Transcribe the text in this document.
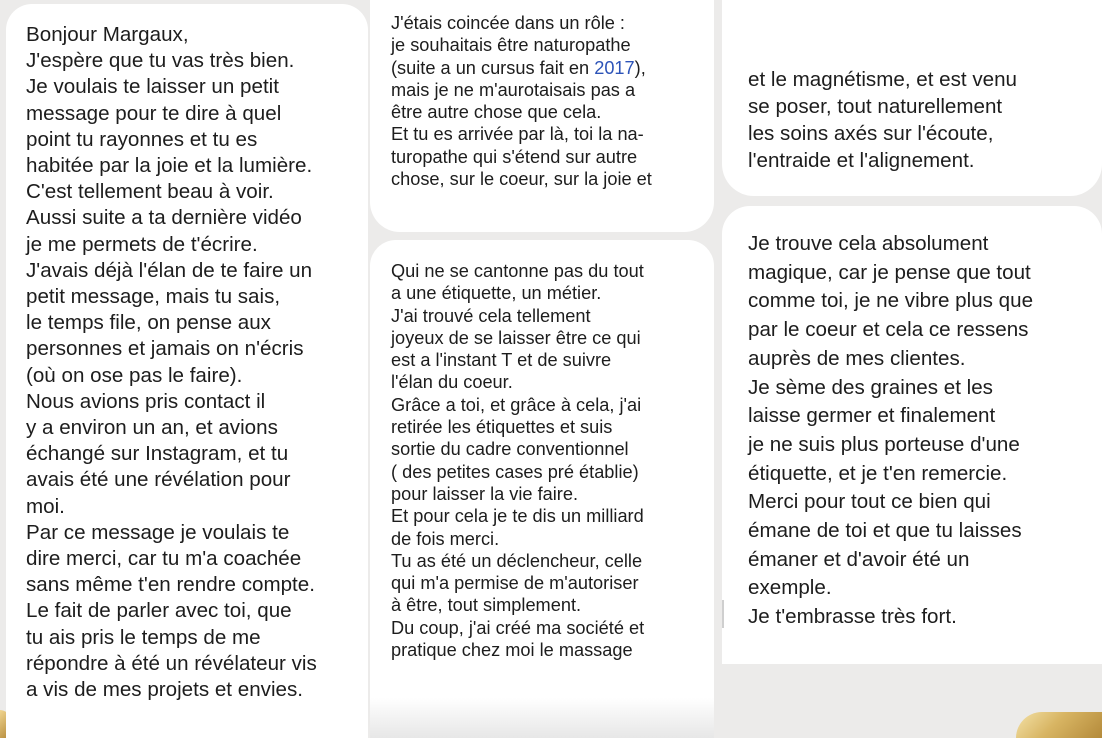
Bonjour Margaux,
J'espère que tu vas très bien.
Je voulais te laisser un petit
message pour te dire à quel
point tu rayonnes et tu es
habitée par la joie et la lumière.
C'est tellement beau à voir.
Aussi suite a ta dernière vidéo
je me permets de t'écrire.
J'avais déjà l'élan de te faire un
petit message, mais tu sais,
le temps file, on pense aux
personnes et jamais on n'écris
(où on ose pas le faire).
Nous avions pris contact il
y a environ un an, et avions
échangé sur Instagram, et tu
avais été une révélation pour
moi.
Par ce message je voulais te
dire merci, car tu m'a coachée
sans même t'en rendre compte.
Le fait de parler avec toi, que
tu ais pris le temps de me
répondre à été un révélateur vis
a vis de mes projets et envies.
J'étais coincée dans un rôle :
je souhaitais être naturopathe
(suite a un cursus fait en 2017),
mais je ne m'aurotaisais pas a
être autre chose que cela.
Et tu es arrivée par là, toi la na-
turopathe qui s'étend sur autre
chose, sur le coeur, sur la joie et
Qui ne se cantonne pas du tout
a une étiquette, un métier.
J'ai trouvé cela tellement
joyeux de se laisser être ce qui
est a l'instant T et de suivre
l'élan du coeur.
Grâce a toi, et grâce à cela, j'ai
retirée les étiquettes et suis
sortie du cadre conventionnel
( des petites cases pré établie)
pour laisser la vie faire.
Et pour cela je te dis un milliard
de fois merci.
Tu as été un déclencheur, celle
qui m'a permise de m'autoriser
à être, tout simplement.
Du coup, j'ai créé ma société et
pratique chez moi le massage
et le magnétisme, et est venu
se poser, tout naturellement
les soins axés sur l'écoute,
l'entraide et l'alignement.
Je trouve cela absolument
magique, car je pense que tout
comme toi, je ne vibre plus que
par le coeur et cela ce ressens
auprès de mes clientes.
Je sème des graines et les
laisse germer et finalement
je ne suis plus porteuse d'une
étiquette, et je t'en remercie.
Merci pour tout ce bien qui
émane de toi et que tu laisses
émaner et d'avoir été un
exemple.
Je t'embrasse très fort.
